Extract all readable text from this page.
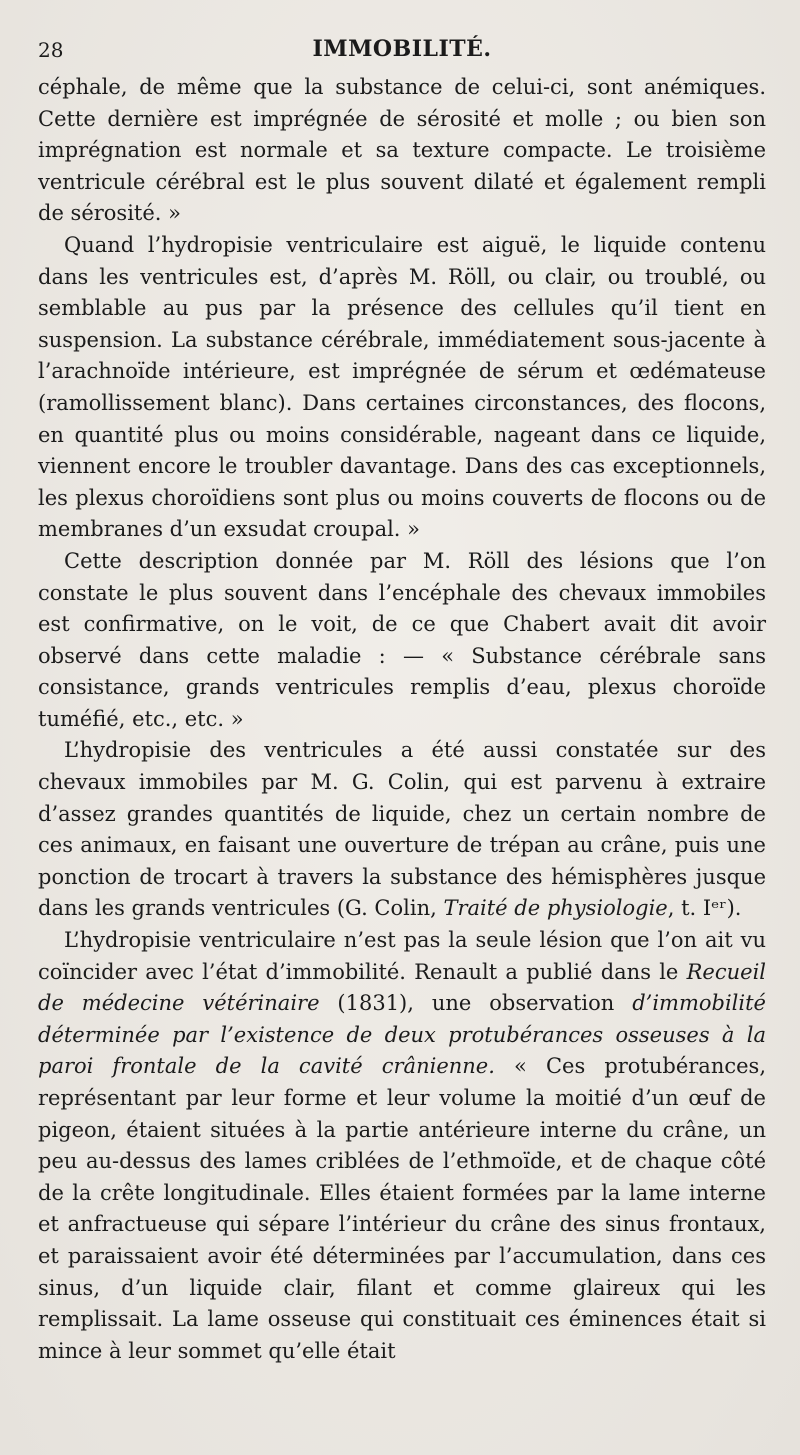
28	IMMOBILITÉ.

céphale, de même que la substance de celui-ci, sont anémiques. Cette dernière est imprégnée de sérosité et molle ; ou bien son imprégnation est normale et sa texture compacte. Le troisième ventricule cérébral est le plus souvent dilaté et également rempli de sérosité. »

Quand l’hydropisie ventriculaire est aiguë, le liquide contenu dans les ventricules est, d’après M. Röll, ou clair, ou troublé, ou semblable au pus par la présence des cellules qu’il tient en suspension. La substance cérébrale, immédiatement sous-jacente à l’arachnoïde intérieure, est imprégnée de sérum et œdémateuse (ramollissement blanc). Dans certaines circonstances, des flocons, en quantité plus ou moins considérable, nageant dans ce liquide, viennent encore le troubler davantage. Dans des cas exceptionnels, les plexus choroïdiens sont plus ou moins couverts de flocons ou de membranes d’un exsudat croupal. »

Cette description donnée par M. Röll des lésions que l’on constate le plus souvent dans l’encéphale des chevaux immobiles est confirmative, on le voit, de ce que Chabert avait dit avoir observé dans cette maladie : — « Substance cérébrale sans consistance, grands ventricules remplis d’eau, plexus choroïde tuméfié, etc., etc. »

L’hydropisie des ventricules a été aussi constatée sur des chevaux immobiles par M. G. Colin, qui est parvenu à extraire d’assez grandes quantités de liquide, chez un certain nombre de ces animaux, en faisant une ouverture de trépan au crâne, puis une ponction de trocart à travers la substance des hémisphères jusque dans les grands ventricules (G. Colin, Traité de physiologie, t. Iᵉʳ).

L’hydropisie ventriculaire n’est pas la seule lésion que l’on ait vu coïncider avec l’état d’immobilité. Renault a publié dans le Recueil de médecine vétérinaire (1831), une observation d’immobilité déterminée par l’existence de deux protubérances osseuses à la paroi frontale de la cavité crânienne. « Ces protubérances, représentant par leur forme et leur volume la moitié d’un œuf de pigeon, étaient situées à la partie antérieure interne du crâne, un peu au-dessus des lames criblées de l’ethmoïde, et de chaque côté de la crête longitudinale. Elles étaient formées par la lame interne et anfractueuse qui sépare l’intérieur du crâne des sinus frontaux, et paraissaient avoir été déterminées par l’accumulation, dans ces sinus, d’un liquide clair, filant et comme glaireux qui les remplissait. La lame osseuse qui constituait ces éminences était si mince à leur sommet qu’elle était
